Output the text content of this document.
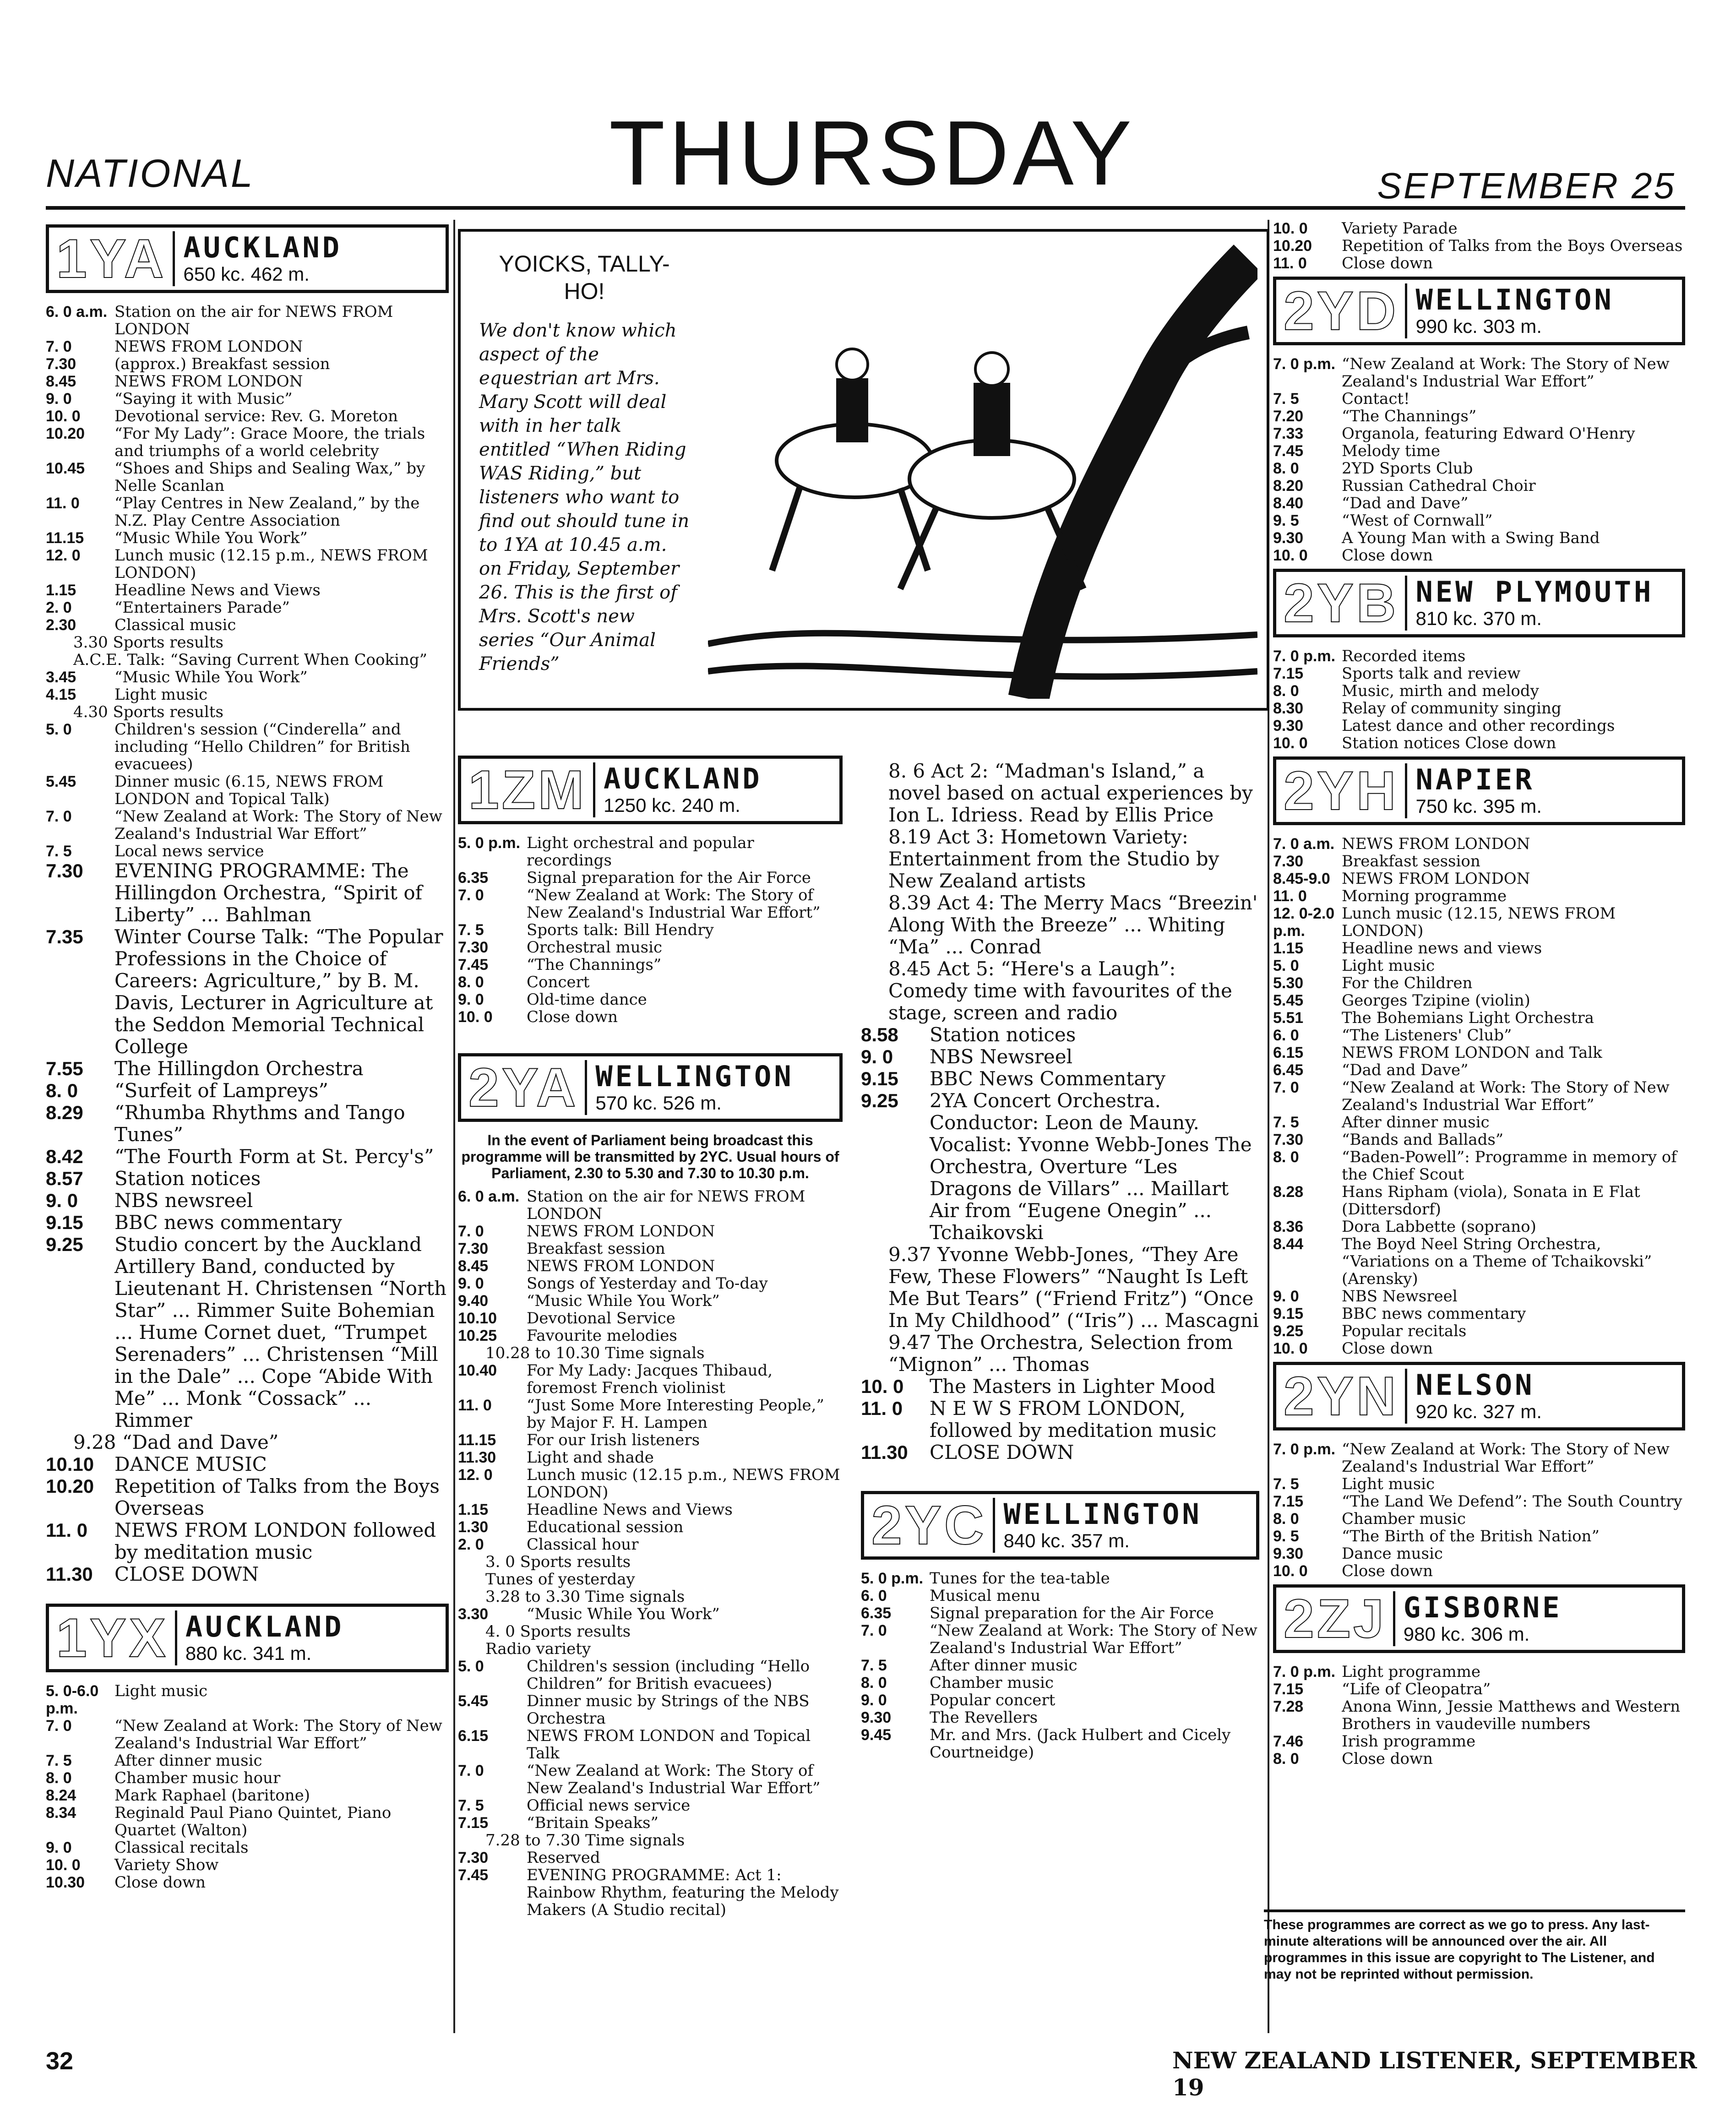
NATIONAL	THURSDAY	SEPTEMBER 25
1YA AUCKLAND
650 kc. 462 m.
6. 0 a.m. Station on the air for NEWS FROM LONDON
7. 0	NEWS FROM LONDON
7.30	(approx.) Breakfast session
8.45	NEWS FROM LONDON
9. 0	“Saying it with Music”
10. 0	Devotional service: Rev. G. Moreton
10.20	“For My Lady”: Grace Moore, the trials and triumphs of a world celebrity
10.45	“Shoes and Ships and Sealing Wax,” by Nelle Scanlan
11. 0	“Play Centres in New Zealand,” by the N.Z. Play Centre Association
11.15	“Music While You Work”
12. 0	Lunch music (12.15 p.m., NEWS FROM LONDON)
1.15	Headline News and Views
2. 0	“Entertainers Parade”
2.30	Classical music
3.30 Sports results
A.C.E. Talk: “Saving Current When Cooking”
3.45	“Music While You Work”
4.15	Light music
4.30 Sports results
5. 0	Children's session (“Cinderella” and including “Hello Children” for British evacuees)
5.45	Dinner music (6.15, NEWS FROM LONDON and Topical Talk)
7. 0	“New Zealand at Work: The Story of New Zealand's Industrial War Effort”
7. 5	Local news service
7.30	EVENING PROGRAMME: The Hillingdon Orchestra, “Spirit of Liberty” ... Bahlman
7.35	Winter Course Talk: “The Popular Professions in the Choice of Careers: Agriculture,” by B. M. Davis, Lecturer in Agriculture at the Seddon Memorial Technical College
7.55	The Hillingdon Orchestra
8. 0	“Surfeit of Lampreys”
8.29	“Rhumba Rhythms and Tango Tunes”
8.42	“The Fourth Form at St. Percy's”
8.57	Station notices
9. 0	NBS newsreel
9.15	BBC news commentary
9.25	Studio concert by the Auckland Artillery Band, conducted by Lieutenant H. Christensen “North Star” ... Rimmer Suite Bohemian ... Hume Cornet duet, “Trumpet Serenaders” ... Christensen “Mill in the Dale” ... Cope “Abide With Me” ... Monk “Cossack” ... Rimmer
9.28 “Dad and Dave”
10.10	DANCE MUSIC
10.20	Repetition of Talks from the Boys Overseas
11. 0	NEWS FROM LONDON followed by meditation music
11.30	CLOSE DOWN
1YX AUCKLAND
880 kc. 341 m.
5. 0-6.0 p.m.
Light music
7. 0	“New Zealand at Work: The Story of New Zealand's Industrial War Effort”
7. 5	After dinner music
8. 0	Chamber music hour
8.24	Mark Raphael (baritone)
8.34	Reginald Paul Piano Quintet, Piano Quartet (Walton)
9. 0	Classical recitals
10. 0	Variety Show
10.30	Close down
YOICKS, TALLY-HO!
We don't know which aspect of the equestrian art Mrs. Mary Scott will deal with in her talk entitled “When Riding WAS Riding,” but listeners who want to find out should tune in to 1YA at 10.45 a.m. on Friday, September 26. This is the first of Mrs. Scott's new series “Our Animal Friends”
1ZM AUCKLAND
1250 kc. 240 m.
5. 0 p.m. Light orchestral and popular recordings
6.35	Signal preparation for the Air Force
7. 0	“New Zealand at Work: The Story of New Zealand's Industrial War Effort”
7. 5	Sports talk: Bill Hendry
7.30	Orchestral music
7.45	“The Channings”
8. 0	Concert
9. 0	Old-time dance
10. 0	Close down
2YA WELLINGTON
570 kc. 526 m.
In the event of Parliament being broadcast this programme will be transmitted by 2YC. Usual hours of Parliament, 2.30 to 5.30 and 7.30 to 10.30 p.m.
6. 0 a.m. Station on the air for NEWS FROM LONDON
7. 0	NEWS FROM LONDON
7.30	Breakfast session
8.45	NEWS FROM LONDON
9. 0	Songs of Yesterday and To-day
9.40	“Music While You Work”
10.10	Devotional Service
10.25	Favourite melodies
10.28 to 10.30 Time signals
10.40	For My Lady: Jacques Thibaud, foremost French violinist
11. 0	“Just Some More Interesting People,” by Major F. H. Lampen
11.15	For our Irish listeners
11.30	Light and shade
12. 0	Lunch music (12.15 p.m., NEWS FROM LONDON)
1.15	Headline News and Views
1.30	Educational session
2. 0	Classical hour
3. 0 Sports results
Tunes of yesterday
3.28 to 3.30 Time signals
3.30	“Music While You Work”
4. 0 Sports results
Radio variety
5. 0	Children's session (including “Hello Children” for British evacuees)
5.45	Dinner music by Strings of the NBS Orchestra
6.15	NEWS FROM LONDON and Topical Talk
7. 0	“New Zealand at Work: The Story of New Zealand's Industrial War Effort”
7. 5	Official news service
7.15	“Britain Speaks”
7.28 to 7.30 Time signals
7.30	Reserved
7.45	EVENING PROGRAMME: Act 1: Rainbow Rhythm, featuring the Melody Makers (A Studio recital)
8. 6 Act 2: “Madman's Island,” a novel based on actual experiences by Ion L. Idriess. Read by Ellis Price
8.19 Act 3: Hometown Variety: Entertainment from the Studio by New Zealand artists
8.39 Act 4: The Merry Macs “Breezin' Along With the Breeze” ... Whiting “Ma” ... Conrad
8.45 Act 5: “Here's a Laugh”: Comedy time with favourites of the stage, screen and radio
8.58	Station notices
9. 0	NBS Newsreel
9.15	BBC News Commentary
9.25	2YA Concert Orchestra. Conductor: Leon de Mauny. Vocalist: Yvonne Webb-Jones The Orchestra, Overture “Les Dragons de Villars” ... Maillart Air from “Eugene Onegin” ... Tchaikovski
9.37 Yvonne Webb-Jones, “They Are Few, These Flowers” “Naught Is Left Me But Tears” (“Friend Fritz”) “Once In My Childhood” (“Iris”) ... Mascagni
9.47 The Orchestra, Selection from “Mignon” ... Thomas
10. 0	The Masters in Lighter Mood
11. 0	N E W S FROM LONDON, followed by meditation music
11.30	CLOSE DOWN
2YC WELLINGTON
840 kc. 357 m.
5. 0 p.m. Tunes for the tea-table
6. 0	Musical menu
6.35	Signal preparation for the Air Force
7. 0	“New Zealand at Work: The Story of New Zealand's Industrial War Effort”
7. 5	After dinner music
8. 0	Chamber music
9. 0	Popular concert
9.30	The Revellers
9.45	Mr. and Mrs. (Jack Hulbert and Cicely Courtneidge)
10. 0	Variety Parade
10.20	Repetition of Talks from the Boys Overseas
11. 0	Close down
2YD WELLINGTON
990 kc. 303 m.
7. 0 p.m. “New Zealand at Work: The Story of New Zealand's Industrial War Effort”
7. 5	Contact!
7.20	“The Channings”
7.33	Organola, featuring Edward O'Henry
7.45	Melody time
8. 0	2YD Sports Club
8.20	Russian Cathedral Choir
8.40	“Dad and Dave”
9. 5	“West of Cornwall”
9.30	A Young Man with a Swing Band
10. 0	Close down
2YB NEW PLYMOUTH
810 kc. 370 m.
7. 0 p.m. Recorded items
7.15	Sports talk and review
8. 0	Music, mirth and melody
8.30	Relay of community singing
9.30	Latest dance and other recordings
10. 0	Station notices Close down
2YH NAPIER
750 kc. 395 m.
7. 0 a.m. NEWS FROM LONDON
7.30	Breakfast session
8.45-9.0 NEWS FROM LONDON
11. 0	Morning programme
12. 0-2.0 p.m.
Lunch music (12.15, NEWS FROM LONDON)
1.15	Headline news and views
5. 0	Light music
5.30	For the Children
5.45	Georges Tzipine (violin)
5.51	The Bohemians Light Orchestra
6. 0	“The Listeners' Club”
6.15	NEWS FROM LONDON and Talk
6.45	“Dad and Dave”
7. 0	“New Zealand at Work: The Story of New Zealand's Industrial War Effort”
7. 5	After dinner music
7.30	“Bands and Ballads”
8. 0	“Baden-Powell”: Programme in memory of the Chief Scout
8.28	Hans Ripham (viola), Sonata in E Flat (Dittersdorf)
8.36	Dora Labbette (soprano)
8.44	The Boyd Neel String Orchestra, “Variations on a Theme of Tchaikovski” (Arensky)
9. 0	NBS Newsreel
9.15	BBC news commentary
9.25	Popular recitals
10. 0	Close down
2YN NELSON
920 kc. 327 m.
7. 0 p.m. “New Zealand at Work: The Story of New Zealand's Industrial War Effort”
7. 5	Light music
7.15	“The Land We Defend”: The South Country
8. 0	Chamber music
9. 5	“The Birth of the British Nation”
9.30	Dance music
10. 0	Close down
2ZJ GISBORNE
980 kc. 306 m.
7. 0 p.m. Light programme
7.15	“Life of Cleopatra”
7.28	Anona Winn, Jessie Matthews and Western Brothers in vaudeville numbers
7.46	Irish programme
8. 0	Close down
These programmes are correct as we go to press. Any last-minute alterations will be announced over the air. All programmes in this issue are copyright to The Listener, and may not be reprinted without permission.
32	NEW ZEALAND LISTENER, SEPTEMBER 19
